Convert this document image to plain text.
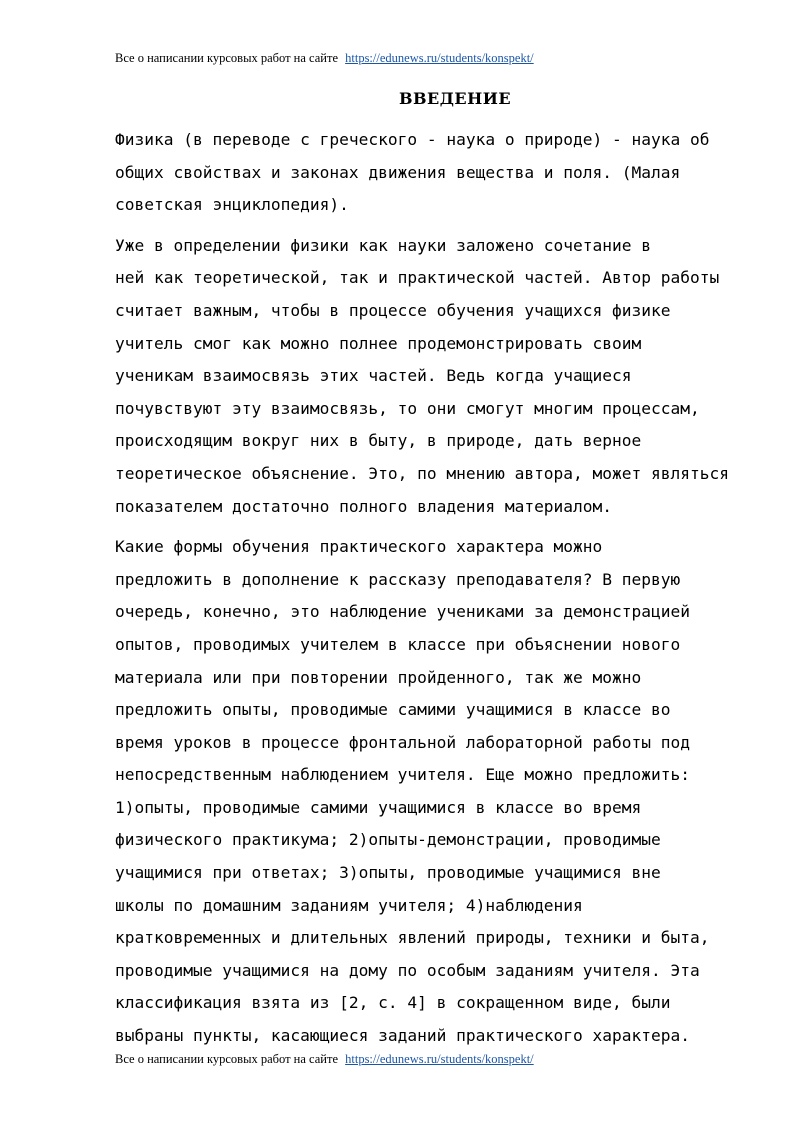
Все о написании курсовых работ на сайте https://edunews.ru/students/konspekt/
ВВЕДЕНИЕ

Физика (в переводе с греческого - наука о природе) - наука об
общих свойствах и законах движения вещества и поля. (Малая
советская энциклопедия).

Уже в определении физики как науки заложено сочетание в
ней как теоретической, так и практической частей. Автор работы
считает важным, чтобы в процессе обучения учащихся физике
учитель смог как можно полнее продемонстрировать своим
ученикам взаимосвязь этих частей. Ведь когда учащиеся
почувствуют эту взаимосвязь, то они смогут многим процессам,
происходящим вокруг них в быту, в природе, дать верное
теоретическое объяснение. Это, по мнению автора, может являться
показателем достаточно полного владения материалом.

Какие формы обучения практического характера можно
предложить в дополнение к рассказу преподавателя? В первую
очередь, конечно, это наблюдение учениками за демонстрацией
опытов, проводимых учителем в классе при объяснении нового
материала или при повторении пройденного, так же можно
предложить опыты, проводимые самими учащимися в классе во
время уроков в процессе фронтальной лабораторной работы под
непосредственным наблюдением учителя. Еще можно предложить:
1)опыты, проводимые самими учащимися в классе во время
физического практикума; 2)опыты-демонстрации, проводимые
учащимися при ответах; 3)опыты, проводимые учащимися вне
школы по домашним заданиям учителя; 4)наблюдения
кратковременных и длительных явлений природы, техники и быта,
проводимые учащимися на дому по особым заданиям учителя. Эта
классификация взята из [2, с. 4] в сокращенном виде, были
выбраны пункты, касающиеся заданий практического характера.

Все о написании курсовых работ на сайте https://edunews.ru/students/konspekt/
